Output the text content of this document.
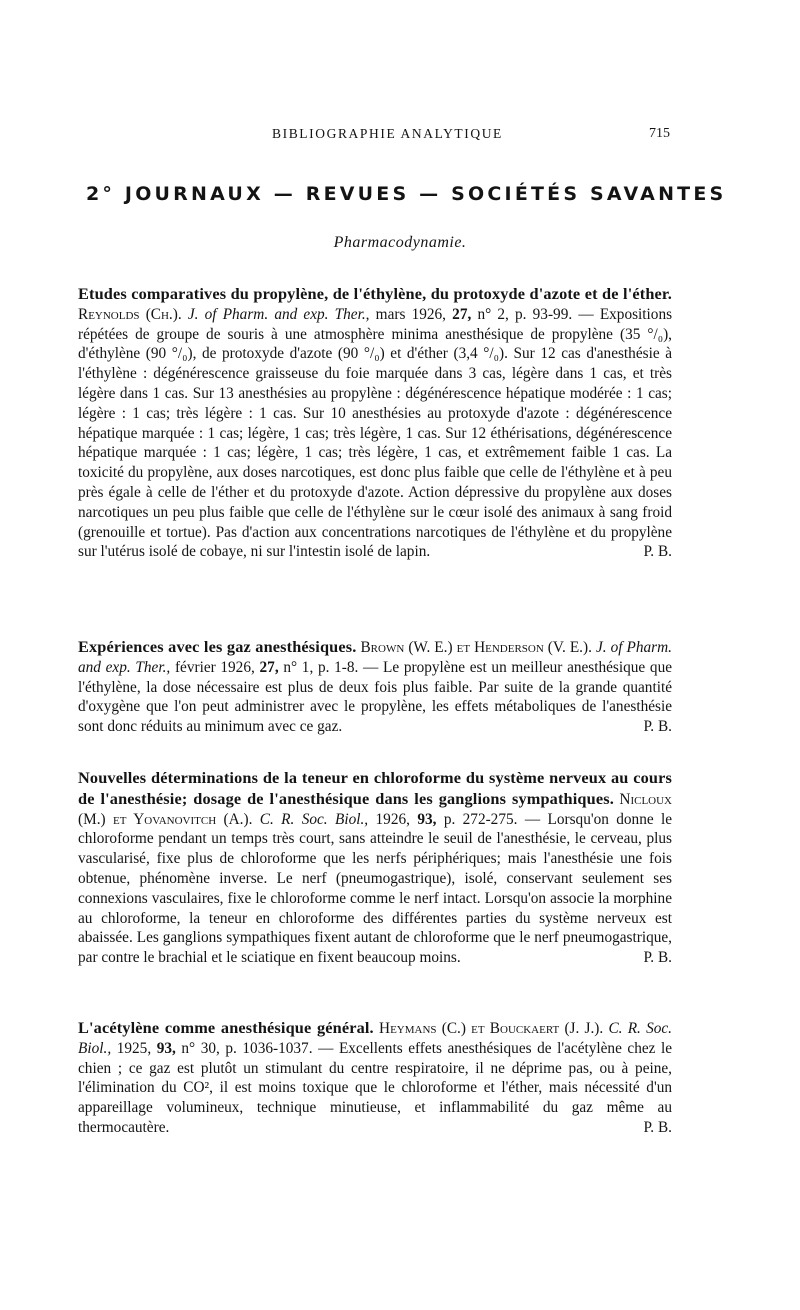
BIBLIOGRAPHIE ANALYTIQUE	715
2° JOURNAUX — REVUES — SOCIÉTÉS SAVANTES
Pharmacodynamie.
Etudes comparatives du propylène, de l'éthylène, du protoxyde d'azote et de l'éther. Reynolds (Ch.). J. of Pharm. and exp. Ther., mars 1926, 27, n° 2, p. 93-99. — Expositions répétées de groupe de souris à une atmosphère minima anesthésique de propylène (35 °/₀), d'éthylène (90 °/₀), de protoxyde d'azote (90 °/₀) et d'éther (3,4 °/₀). Sur 12 cas d'anesthésie à l'éthylène : dégénérescence graisseuse du foie marquée dans 3 cas, légère dans 1 cas, et très légère dans 1 cas. Sur 13 anesthésies au propylène : dégénérescence hépatique modérée : 1 cas; légère : 1 cas; très légère : 1 cas. Sur 10 anesthésies au protoxyde d'azote : dégénérescence hépatique marquée : 1 cas; légère, 1 cas; très légère, 1 cas. Sur 12 éthérisations, dégénérescence hépatique marquée : 1 cas; légère, 1 cas; très légère, 1 cas, et extrêmement faible 1 cas. La toxicité du propylène, aux doses narcotiques, est donc plus faible que celle de l'éthylène et à peu près égale à celle de l'éther et du protoxyde d'azote. Action dépressive du propylène aux doses narcotiques un peu plus faible que celle de l'éthylène sur le cœur isolé des animaux à sang froid (grenouille et tortue). Pas d'action aux concentrations narcotiques de l'éthylène et du propylène sur l'utérus isolé de cobaye, ni sur l'intestin isolé de lapin.	P. B.
Expériences avec les gaz anesthésiques. Brown (W. E.) et Henderson (V. E.). J. of Pharm. and exp. Ther., février 1926, 27, n° 1, p. 1-8. — Le propylène est un meilleur anesthésique que l'éthylène, la dose nécessaire est plus de deux fois plus faible. Par suite de la grande quantité d'oxygène que l'on peut administrer avec le propylène, les effets métaboliques de l'anesthésie sont donc réduits au minimum avec ce gaz.	P. B.
Nouvelles déterminations de la teneur en chloroforme du système nerveux au cours de l'anesthésie; dosage de l'anesthésique dans les ganglions sympathiques. Nicloux (M.) et Yovanovitch (A.). C. R. Soc. Biol., 1926, 93, p. 272-275. — Lorsqu'on donne le chloroforme pendant un temps très court, sans atteindre le seuil de l'anesthésie, le cerveau, plus vascularisé, fixe plus de chloroforme que les nerfs périphériques; mais l'anesthésie une fois obtenue, phénomène inverse. Le nerf (pneumogastrique), isolé, conservant seulement ses connexions vasculaires, fixe le chloroforme comme le nerf intact. Lorsqu'on associe la morphine au chloroforme, la teneur en chloroforme des différentes parties du système nerveux est abaissée. Les ganglions sympathiques fixent autant de chloroforme que le nerf pneumogastrique, par contre le brachial et le sciatique en fixent beaucoup moins.	P. B.
L'acétylène comme anesthésique général. Heymans (C.) et Bouckaert (J. J.). C. R. Soc. Biol., 1925, 93, n° 30, p. 1036-1037. — Excellents effets anesthésiques de l'acétylène chez le chien ; ce gaz est plutôt un stimulant du centre respiratoire, il ne déprime pas, ou à peine, l'élimination du CO², il est moins toxique que le chloroforme et l'éther, mais nécessité d'un appareillage volumineux, technique minutieuse, et inflammabilité du gaz même au thermocautère.	P. B.
